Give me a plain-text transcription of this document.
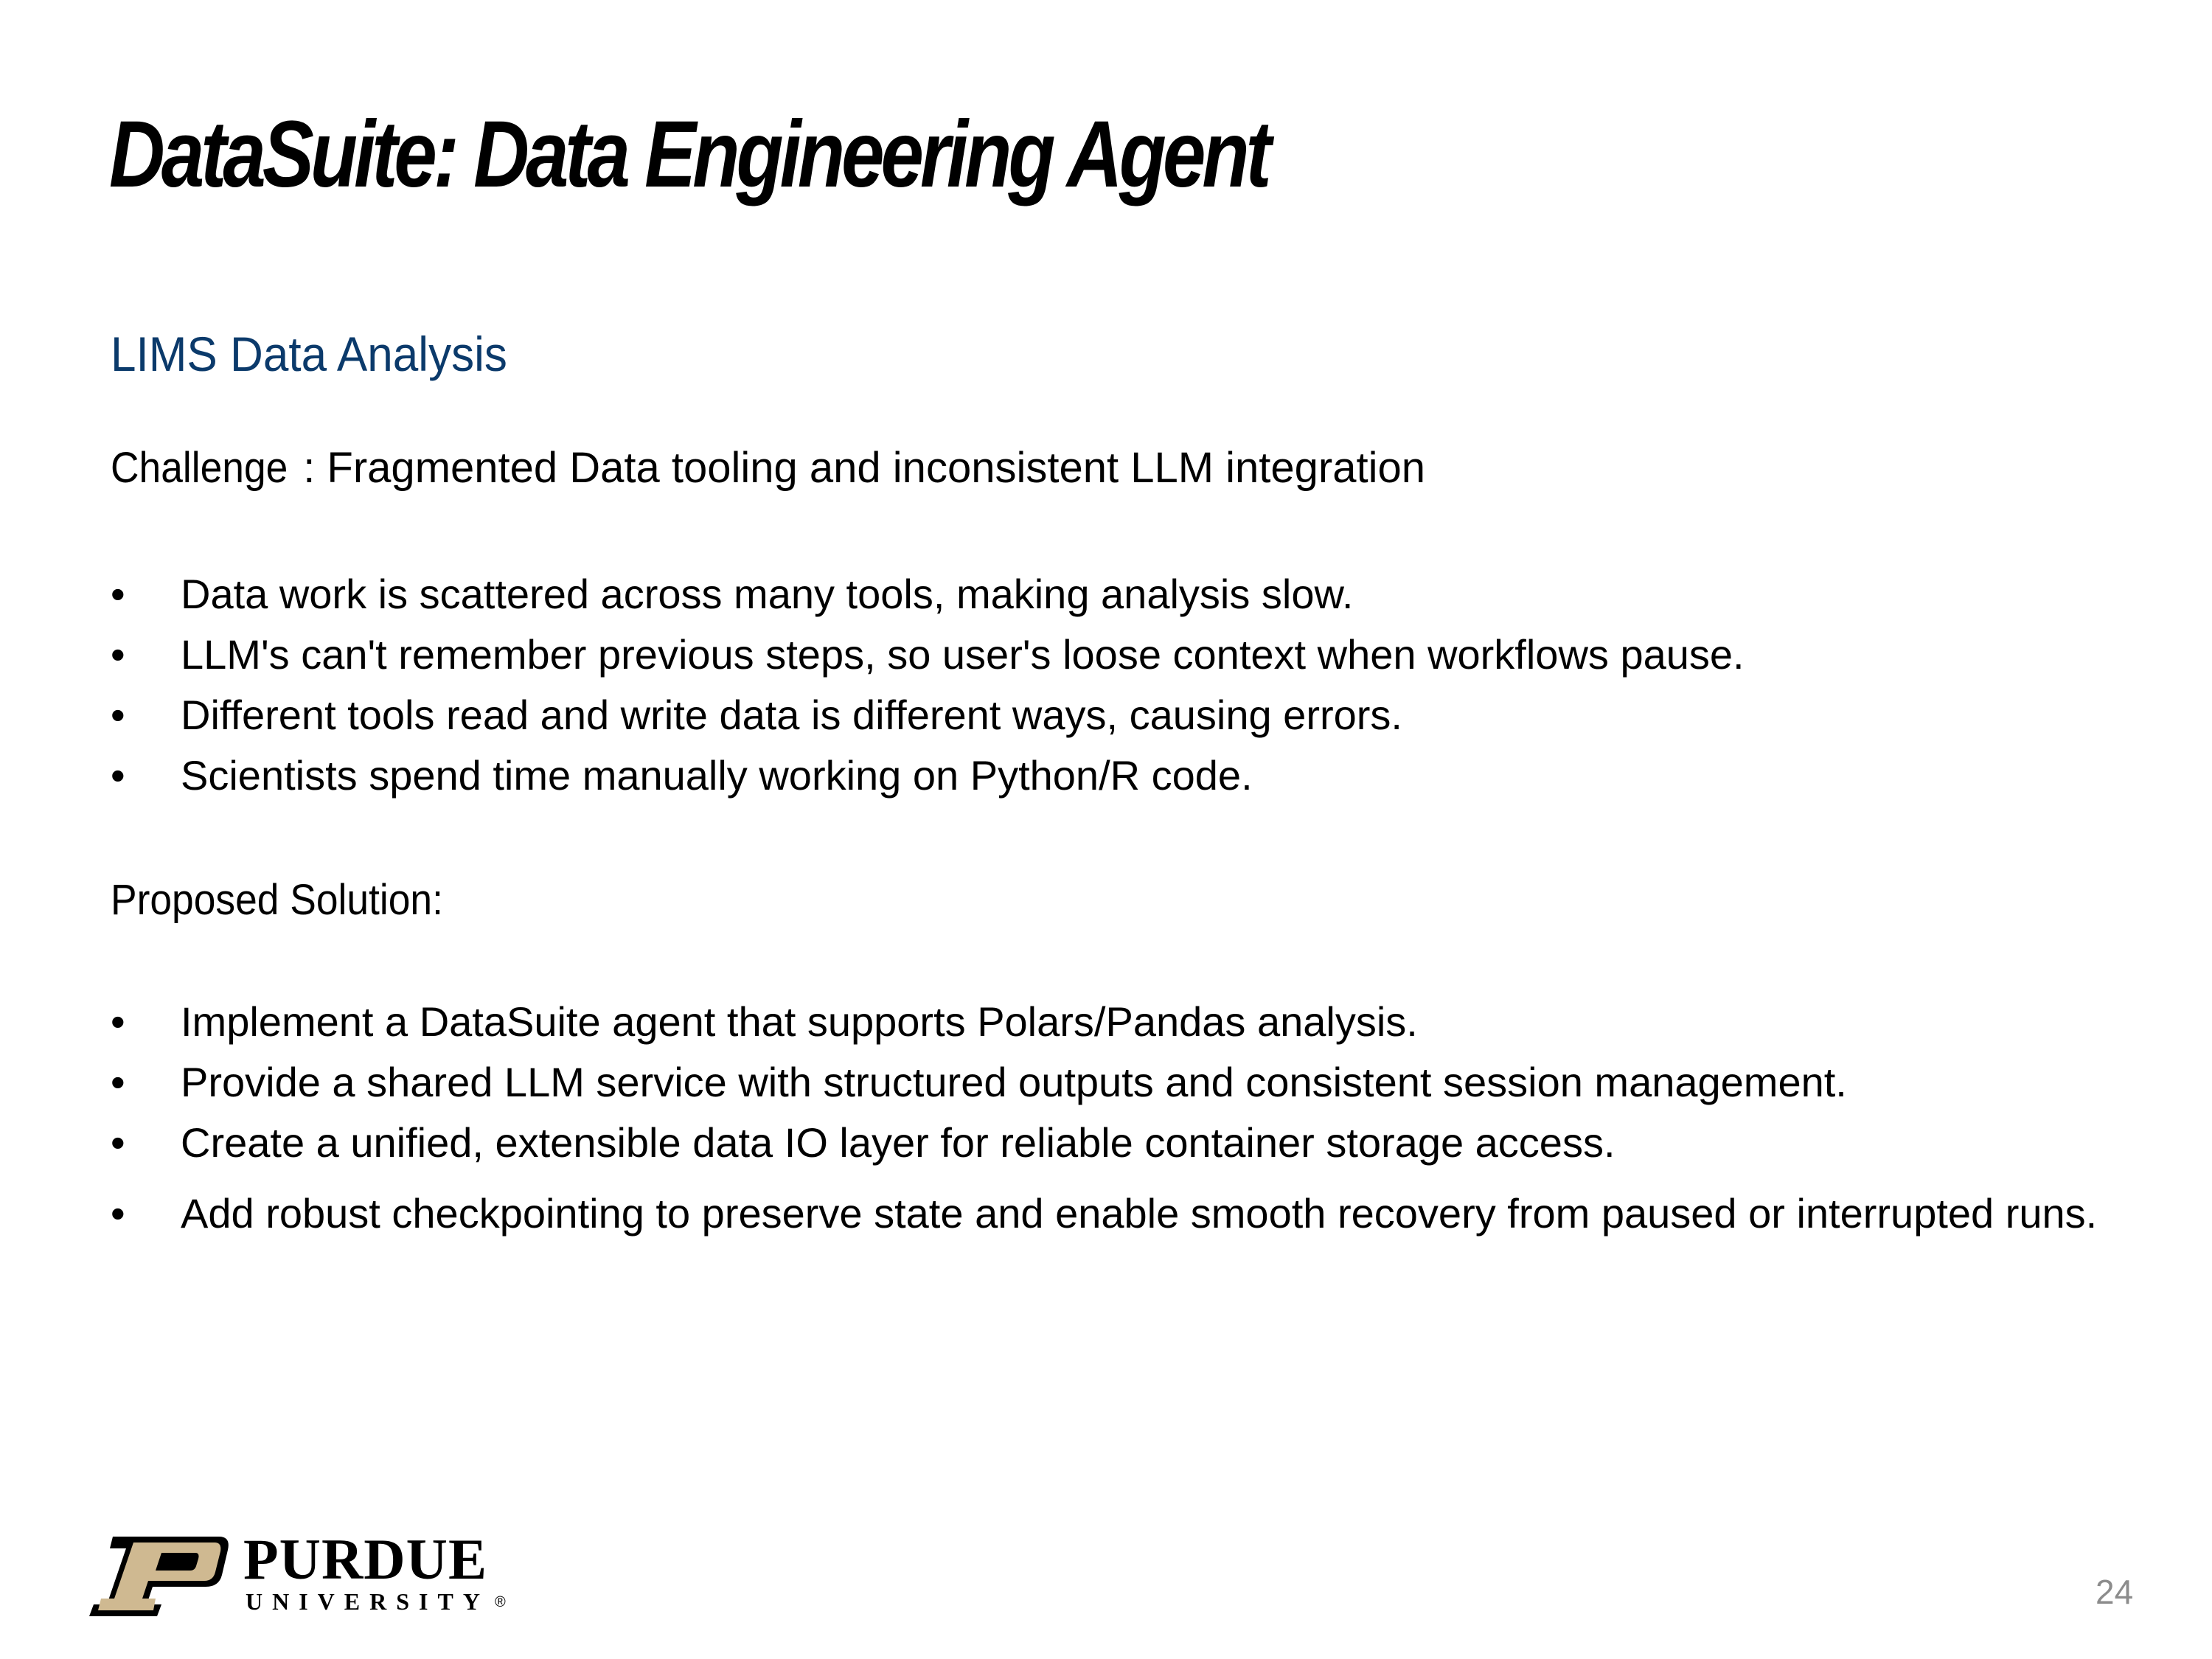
DataSuite: Data Engineering Agent
LIMS Data Analysis
Challenge : Fragmented Data tooling and inconsistent LLM integration
• Data work is scattered across many tools, making analysis slow.
• LLM's can't remember previous steps, so user's loose context when workflows pause.
• Different tools read and write data is different ways, causing errors.
• Scientists spend time manually working on Python/R code.
Proposed Solution:
• Implement a DataSuite agent that supports Polars/Pandas analysis.
• Provide a shared LLM service with structured outputs and consistent session management.
• Create a unified, extensible data IO layer for reliable container storage access.
• Add robust checkpointing to preserve state and enable smooth recovery from paused or interrupted runs.
PURDUE
UNIVERSITY ®	24
